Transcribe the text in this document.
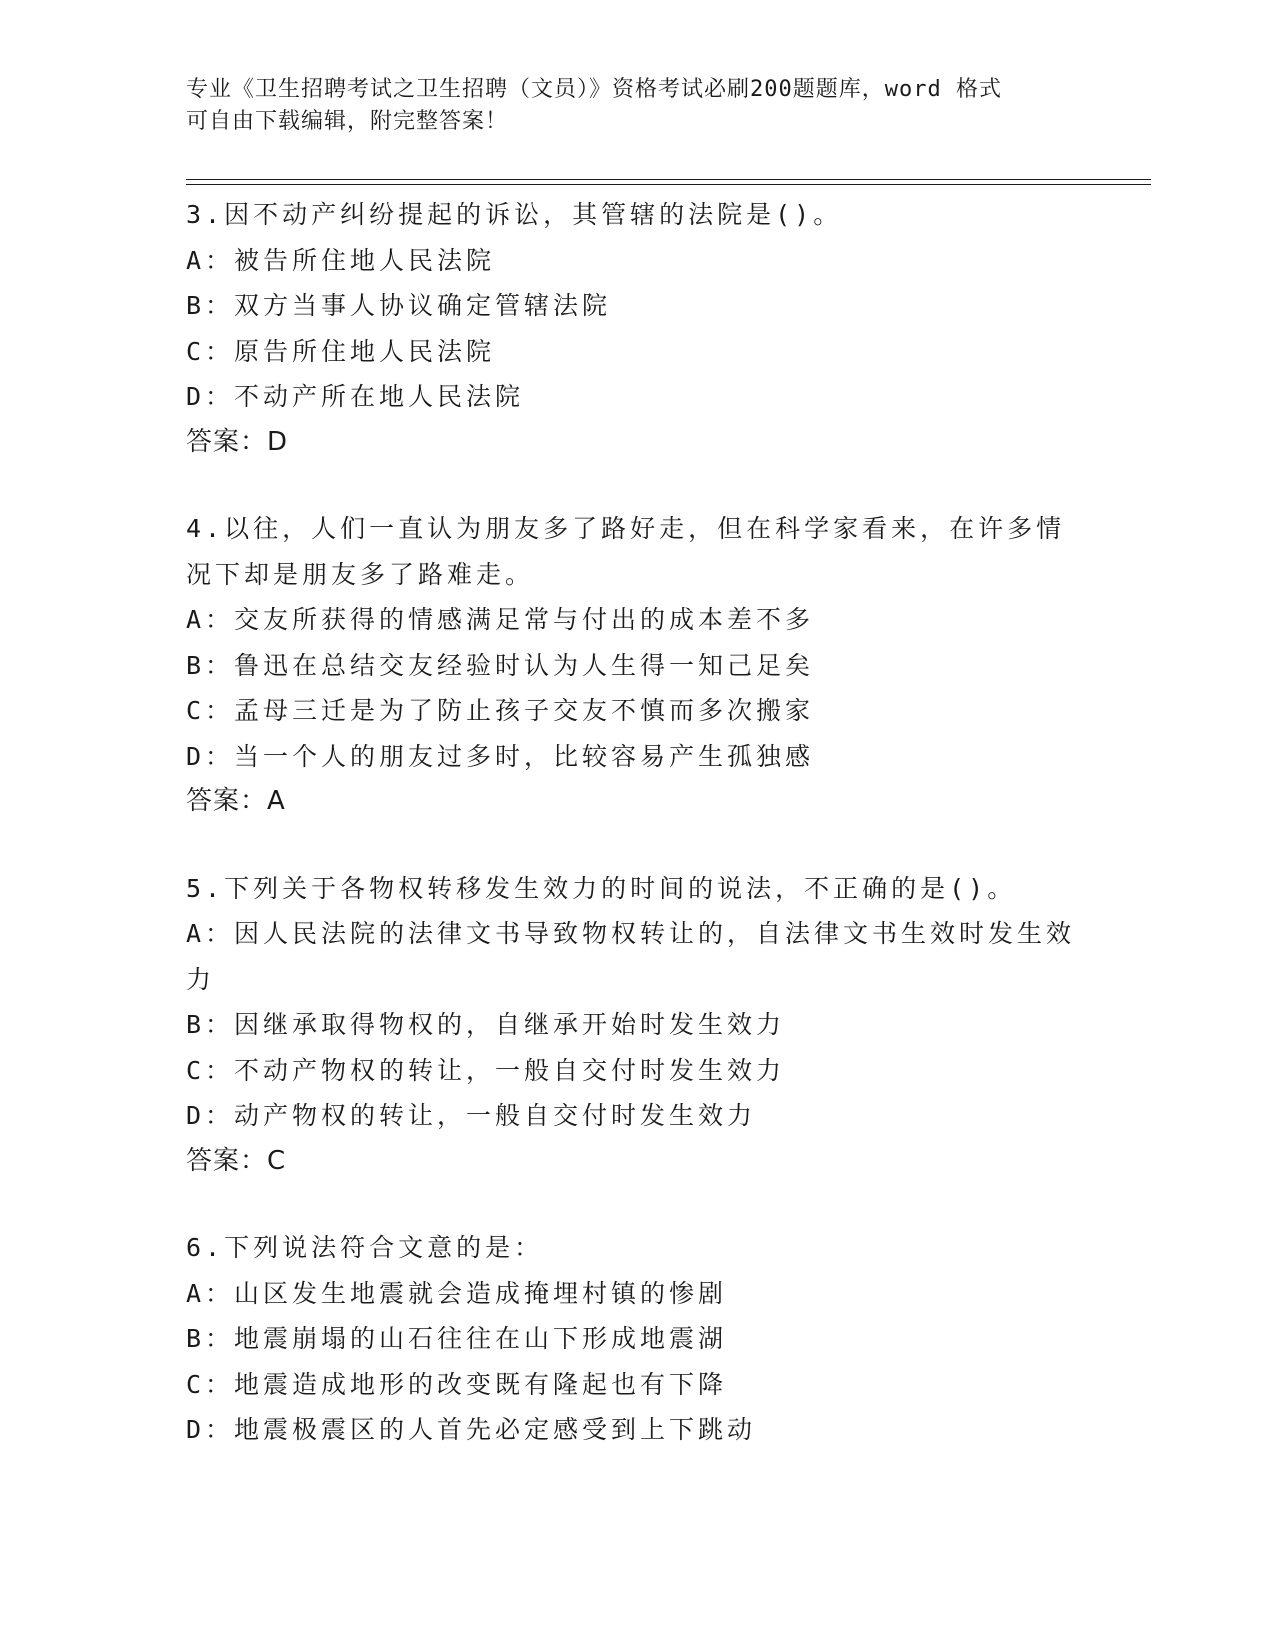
专业《卫生招聘考试之卫生招聘（文员）》资格考试必刷200题题库，word 格式
可自由下载编辑，附完整答案！
3.因不动产纠纷提起的诉讼，其管辖的法院是()。
A：被告所住地人民法院
B：双方当事人协议确定管辖法院
C：原告所住地人民法院
D：不动产所在地人民法院
答案：D
4.以往，人们一直认为朋友多了路好走，但在科学家看来，在许多情
况下却是朋友多了路难走。
A：交友所获得的情感满足常与付出的成本差不多
B：鲁迅在总结交友经验时认为人生得一知己足矣
C：孟母三迁是为了防止孩子交友不慎而多次搬家
D：当一个人的朋友过多时，比较容易产生孤独感
答案：A
5.下列关于各物权转移发生效力的时间的说法，不正确的是()。
A：因人民法院的法律文书导致物权转让的，自法律文书生效时发生效
力
B：因继承取得物权的，自继承开始时发生效力
C：不动产物权的转让，一般自交付时发生效力
D：动产物权的转让，一般自交付时发生效力
答案：C
6.下列说法符合文意的是：
A：山区发生地震就会造成掩埋村镇的惨剧
B：地震崩塌的山石往往在山下形成地震湖
C：地震造成地形的改变既有隆起也有下降
D：地震极震区的人首先必定感受到上下跳动
